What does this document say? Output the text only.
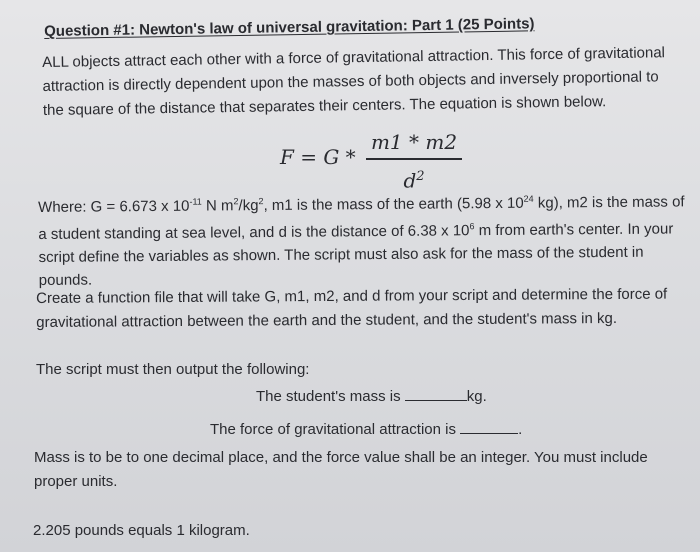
Question #1: Newton's law of universal gravitation: Part 1 (25 Points)
ALL objects attract each other with a force of gravitational attraction. This force of gravitational attraction is directly dependent upon the masses of both objects and inversely proportional to the square of the distance that separates their centers. The equation is shown below.
F = G *
m1 * m2
$d^2$
Where: G = 6.673 x $10^{-11}$ N $m^2/kg^2$, m1 is the mass of the earth (5.98 x $10^{24}$ kg), m2 is the mass of a student standing at sea level, and d is the distance of 6.38 x $10^6$ m from earth's center. In your script define the variables as shown. The script must also ask for the mass of the student in pounds.
Create a function file that will take G, m1, m2, and d from your script and determine the force of gravitational attraction between the earth and the student, and the student's mass in kg.
The script must then output the following:
The student's mass is	kg.
The force of gravitational attraction is	.
Mass is to be to one decimal place, and the force value shall be an integer. You must include proper units.
2.205 pounds equals 1 kilogram.
